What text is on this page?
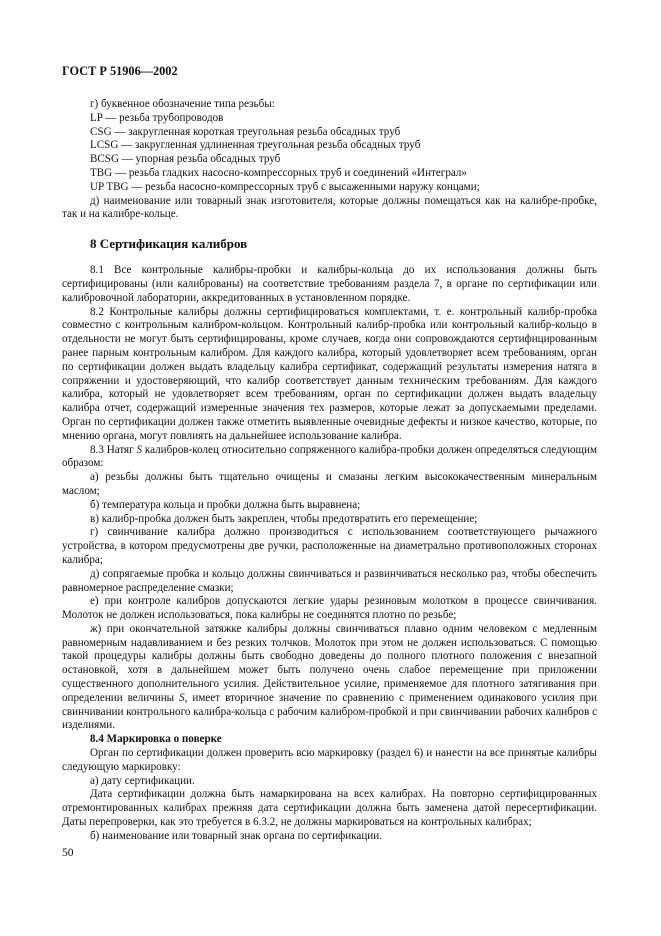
ГОСТ Р 51906—2002

г) буквенное обозначение типа резьбы:

LP — резьба трубопроводов

CSG — закругленная короткая треугольная резьба обсадных труб

LCSG — закругленная удлиненная треугольная резьба обсадных труб

BCSG — упорная резьба обсадных труб

TBG — резьба гладких насосно-компрессорных труб и соединений «Интеграл»

UP TBG — резьба насосно-компрессорных труб с высаженными наружу концами;

д) наименование или товарный знак изготовителя, которые должны помещаться как на калибре-пробке, так и на калибре-кольце.

8 Сертификация калибров

8.1 Все контрольные калибры-пробки и калибры-кольца до их использования должны быть сертифицированы (или калиброваны) на соответствие требованиям раздела 7, в органе по сертификации или калибровочной лаборатории, аккредитованных в установленном порядке.

8.2 Контрольные калибры должны сертифицироваться комплектами, т. е. контрольный калибр-пробка совместно с контрольным калибром-кольцом. Контрольный калибр-пробка или контрольный калибр-кольцо в отдельности не могут быть сертифицированы, кроме случаев, когда они сопровождаются сертифицированным ранее парным контрольным калибром. Для каждого калибра, который удовлетворяет всем требованиям, орган по сертификации должен выдать владельцу калибра сертификат, содержащий результаты измерения натяга в сопряжении и удостоверяющий, что калибр соответствует данным техническим требованиям. Для каждого калибра, который не удовлетворяет всем требованиям, орган по сертификации должен выдать владельцу калибра отчет, содержащий измеренные значения тех размеров, которые лежат за допускаемыми пределами. Орган по сертификации должен также отметить выявленные очевидные дефекты и низкое качество, которые, по мнению органа, могут повлиять на дальнейшее использование калибра.

8.3 Натяг S калибров-колец относительно сопряженного калибра-пробки должен определяться следующим образом:

а) резьбы должны быть тщательно очищены и смазаны легким высококачественным минеральным маслом;

б) температура кольца и пробки должна быть выравнена;

в) калибр-пробка должен быть закреплен, чтобы предотвратить его перемещение;

г) свинчивание калибра должно производиться с использованием соответствующего рычажного устройства, в котором предусмотрены две ручки, расположенные на диаметрально противоположных сторонах калибра;

д) сопрягаемые пробка и кольцо должны свинчиваться и развинчиваться несколько раз, чтобы обеспечить равномерное распределение смазки;

е) при контроле калибров допускаются легкие удары резиновым молотком в процессе свинчивания. Молоток не должен использоваться, пока калибры не соединятся плотно по резьбе;

ж) при окончательной затяжке калибры должны свинчиваться плавно одним человеком с медленным равномерным надавливанием и без резких толчков. Молоток при этом не должен использоваться. С помощью такой процедуры калибры должны быть свободно доведены до полного плотного положения с внезапной остановкой, хотя в дальнейшем может быть получено очень слабое перемещение при приложении существенного дополнительного усилия. Действительное усилие, применяемое для плотного затягивания при определении величины S, имеет вторичное значение по сравнению с применением одинакового усилия при свинчивании контрольного калибра-кольца с рабочим калибром-пробкой и при свинчивании рабочих калибров с изделиями.

8.4 Маркировка о поверке

Орган по сертификации должен проверить всю маркировку (раздел 6) и нанести на все принятые калибры следующую маркировку:

а) дату сертификации.

Дата сертификации должна быть намаркирована на всех калибрах. На повторно сертифицированных отремонтированных калибрах прежняя дата сертификации должна быть заменена датой пересертификации. Даты перепроверки, как это требуется в 6.3.2, не должны маркироваться на контрольных калибрах;

б) наименование или товарный знак органа по сертификации.

50
